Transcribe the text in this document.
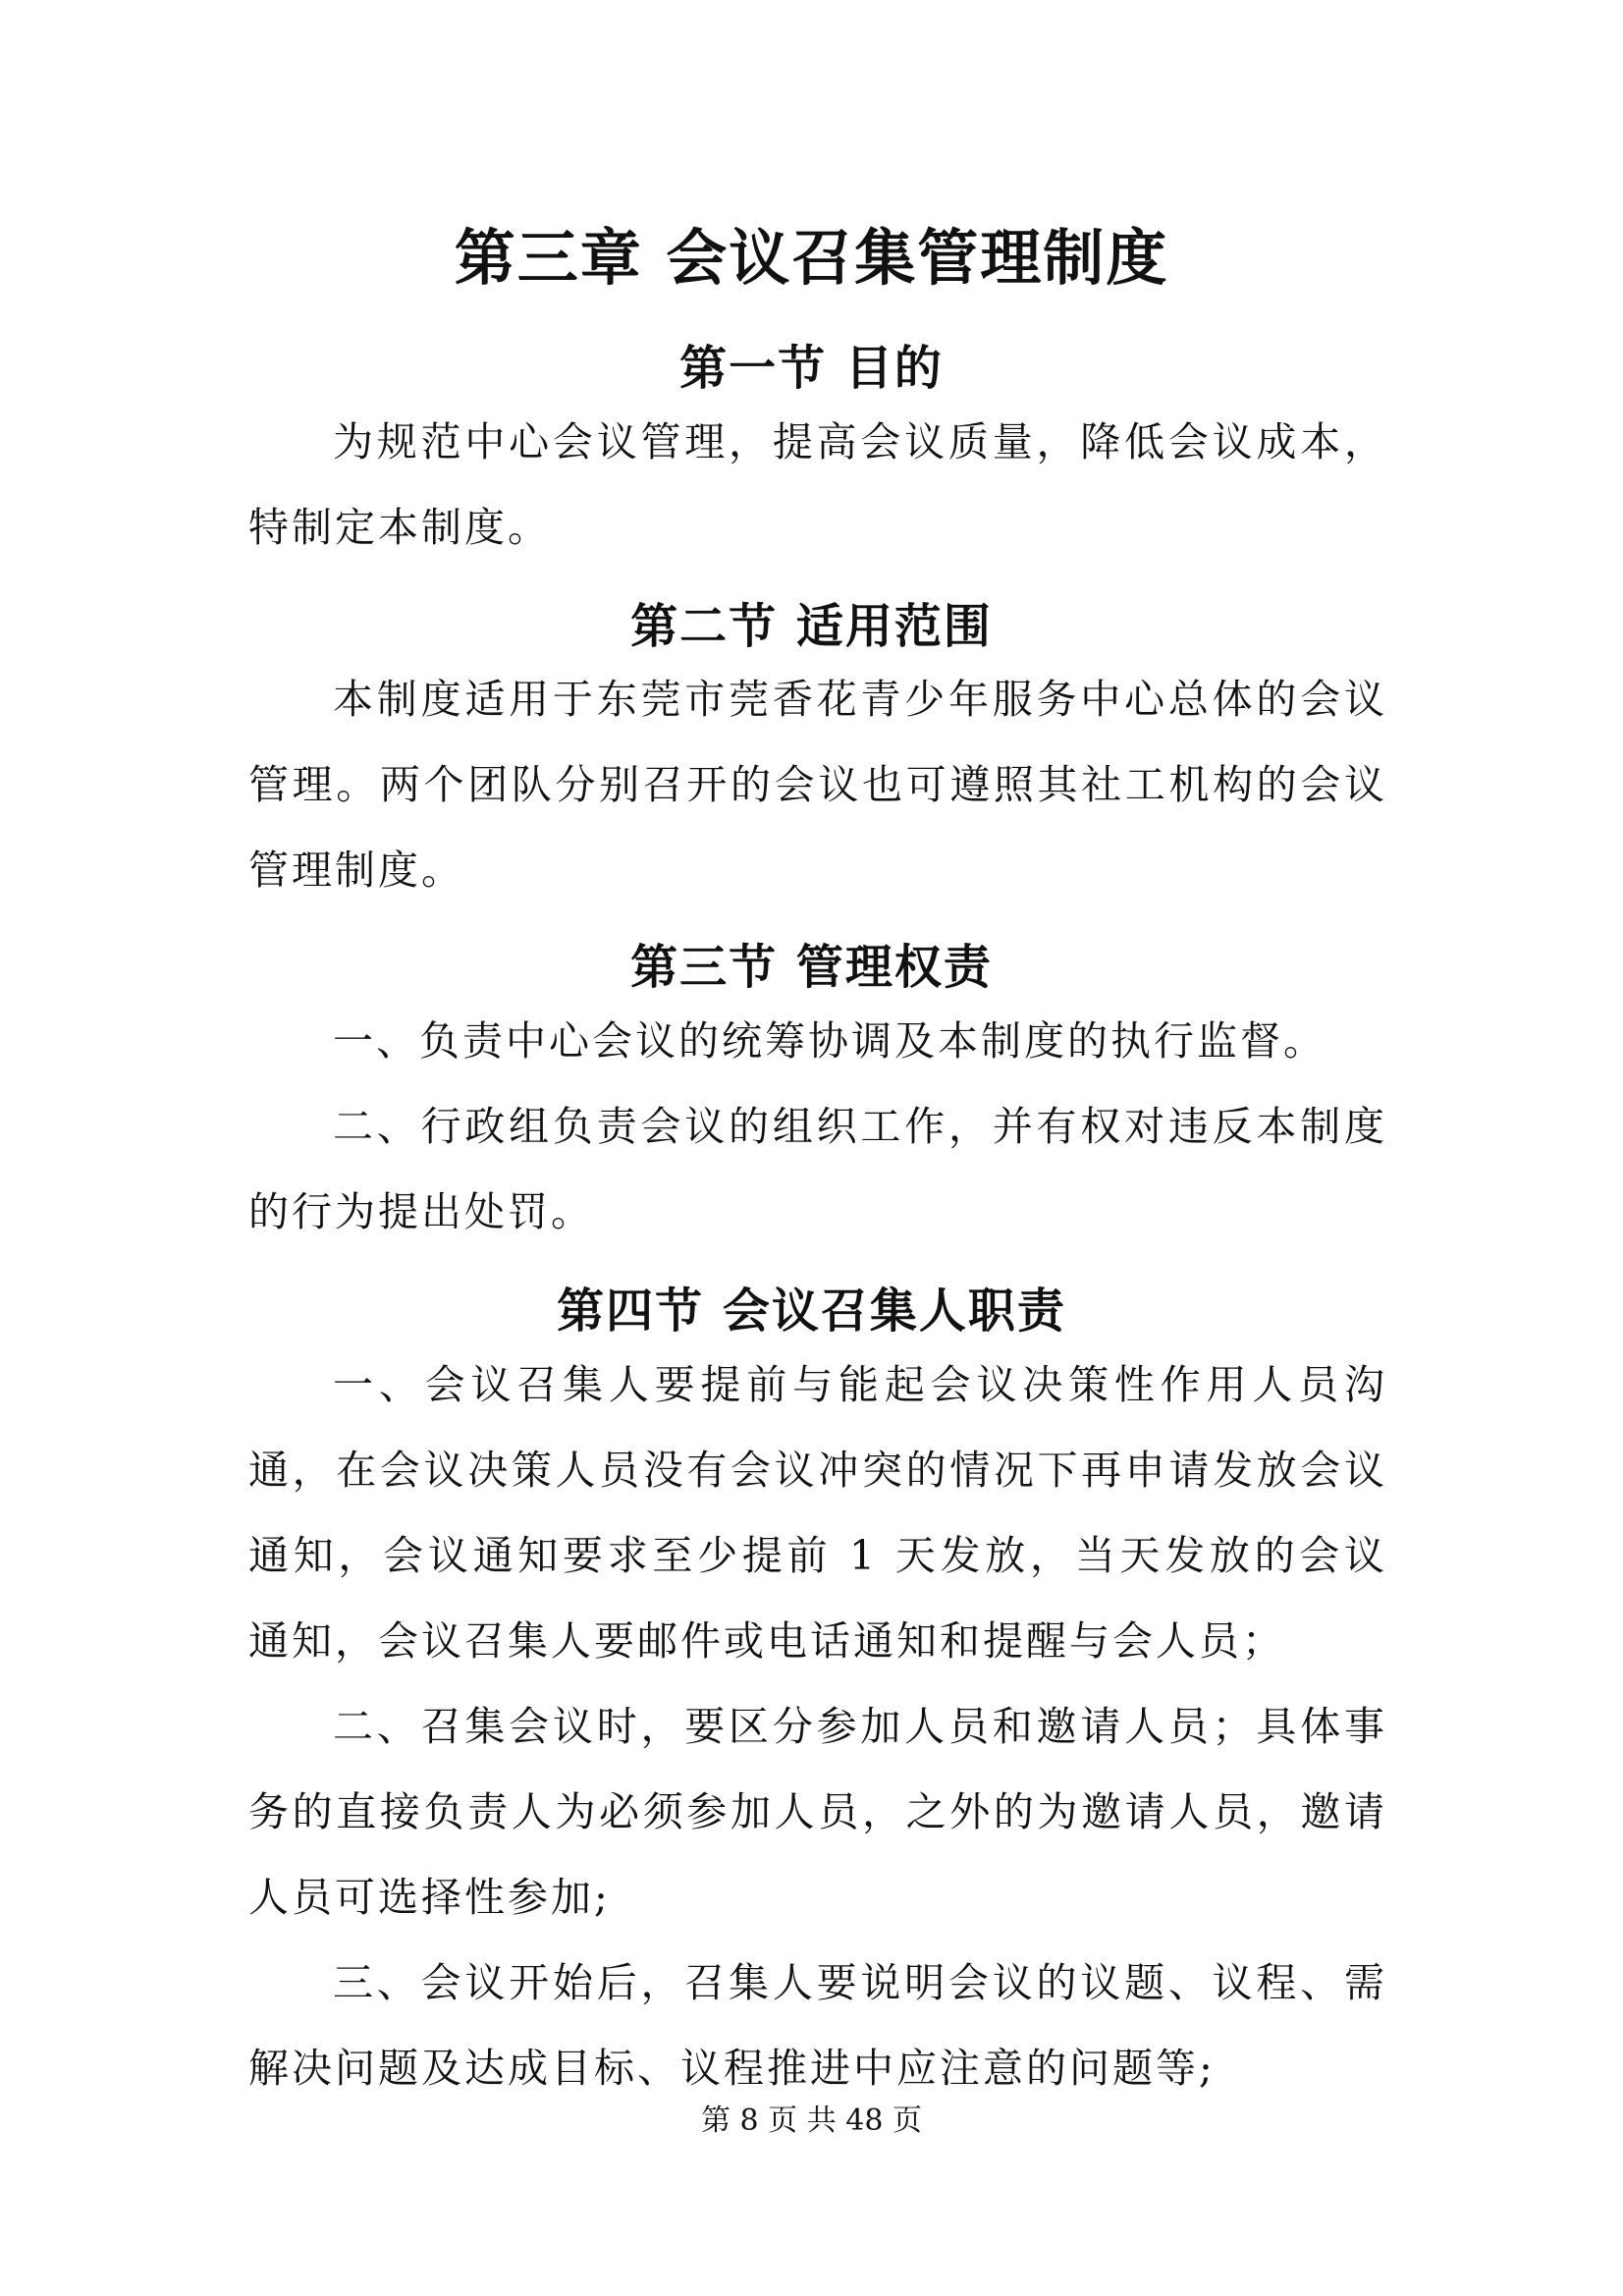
第三章 会议召集管理制度
第一节 目的
为规范中心会议管理，提高会议质量，降低会议成本，特制定本制度。
第二节 适用范围
本制度适用于东莞市莞香花青少年服务中心总体的会议管理。两个团队分别召开的会议也可遵照其社工机构的会议管理制度。
第三节 管理权责
一、负责中心会议的统筹协调及本制度的执行监督。
二、行政组负责会议的组织工作，并有权对违反本制度的行为提出处罚。
第四节 会议召集人职责
一、会议召集人要提前与能起会议决策性作用人员沟通，在会议决策人员没有会议冲突的情况下再申请发放会议通知，会议通知要求至少提前 1 天发放，当天发放的会议通知，会议召集人要邮件或电话通知和提醒与会人员；
二、召集会议时，要区分参加人员和邀请人员；具体事务的直接负责人为必须参加人员，之外的为邀请人员，邀请人员可选择性参加;
三、会议开始后，召集人要说明会议的议题、议程、需解决问题及达成目标、议程推进中应注意的问题等;
第 8 页 共 48 页
